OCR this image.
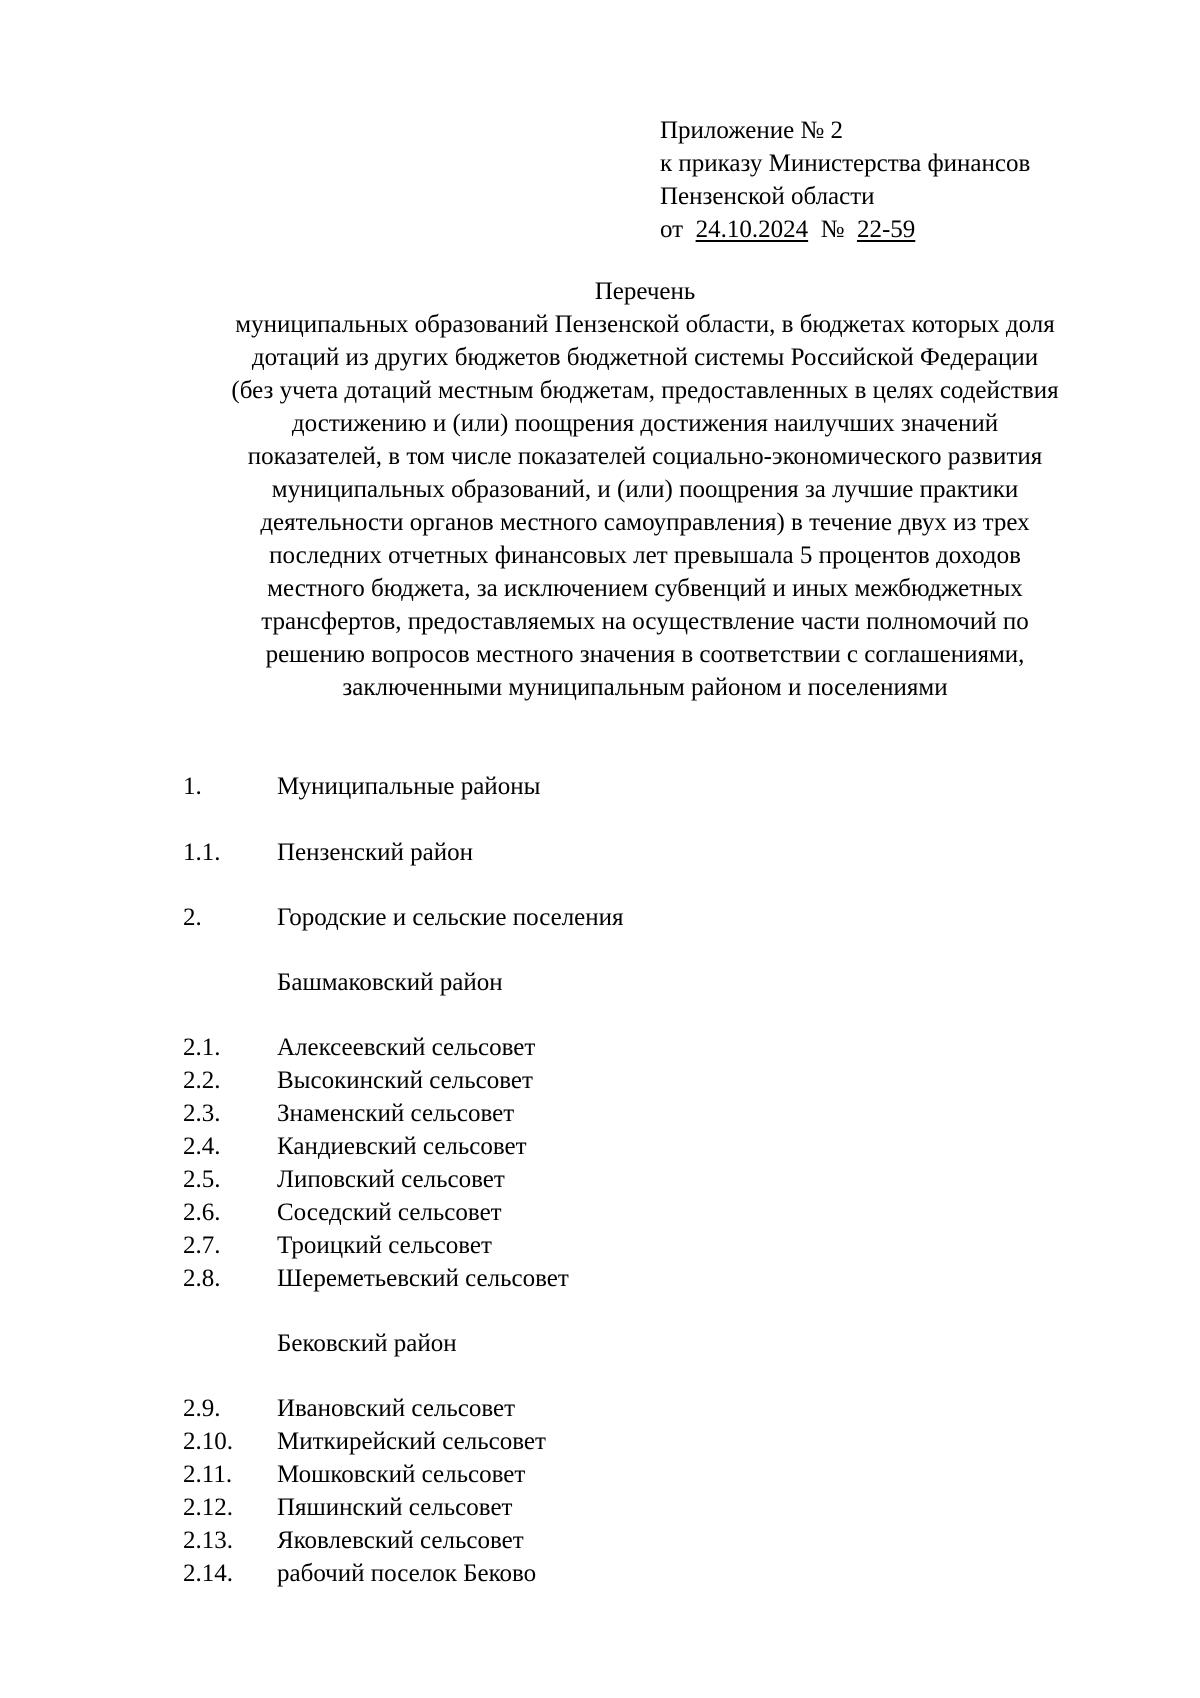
Приложение № 2
к приказу Министерства финансов
Пензенской области
от 24.10.2024 № 22-59
Перечень
муниципальных образований Пензенской области, в бюджетах которых доля
дотаций из других бюджетов бюджетной системы Российской Федерации
(без учета дотаций местным бюджетам, предоставленных в целях содействия
достижению и (или) поощрения достижения наилучших значений
показателей, в том числе показателей социально-экономического развития
муниципальных образований, и (или) поощрения за лучшие практики
деятельности органов местного самоуправления) в течение двух из трех
последних отчетных финансовых лет превышала 5 процентов доходов
местного бюджета, за исключением субвенций и иных межбюджетных
трансфертов, предоставляемых на осуществление части полномочий по
решению вопросов местного значения в соответствии с соглашениями,
заключенными муниципальным районом и поселениями
1.	Муниципальные районы
1.1. Пензенский район
2.	Городские и сельские поселения
Башмаковский район
2.1. Алексеевский сельсовет
2.2. Высокинский сельсовет
2.3. Знаменский сельсовет
2.4. Кандиевский сельсовет
2.5. Липовский сельсовет
2.6. Соседский сельсовет
2.7. Троицкий сельсовет
2.8. Шереметьевский сельсовет
Бековский район
2.9. Ивановский сельсовет
2.10. Миткирейский сельсовет
2.11. Мошковский сельсовет
2.12. Пяшинский сельсовет
2.13. Яковлевский сельсовет
2.14. рабочий поселок Беково
